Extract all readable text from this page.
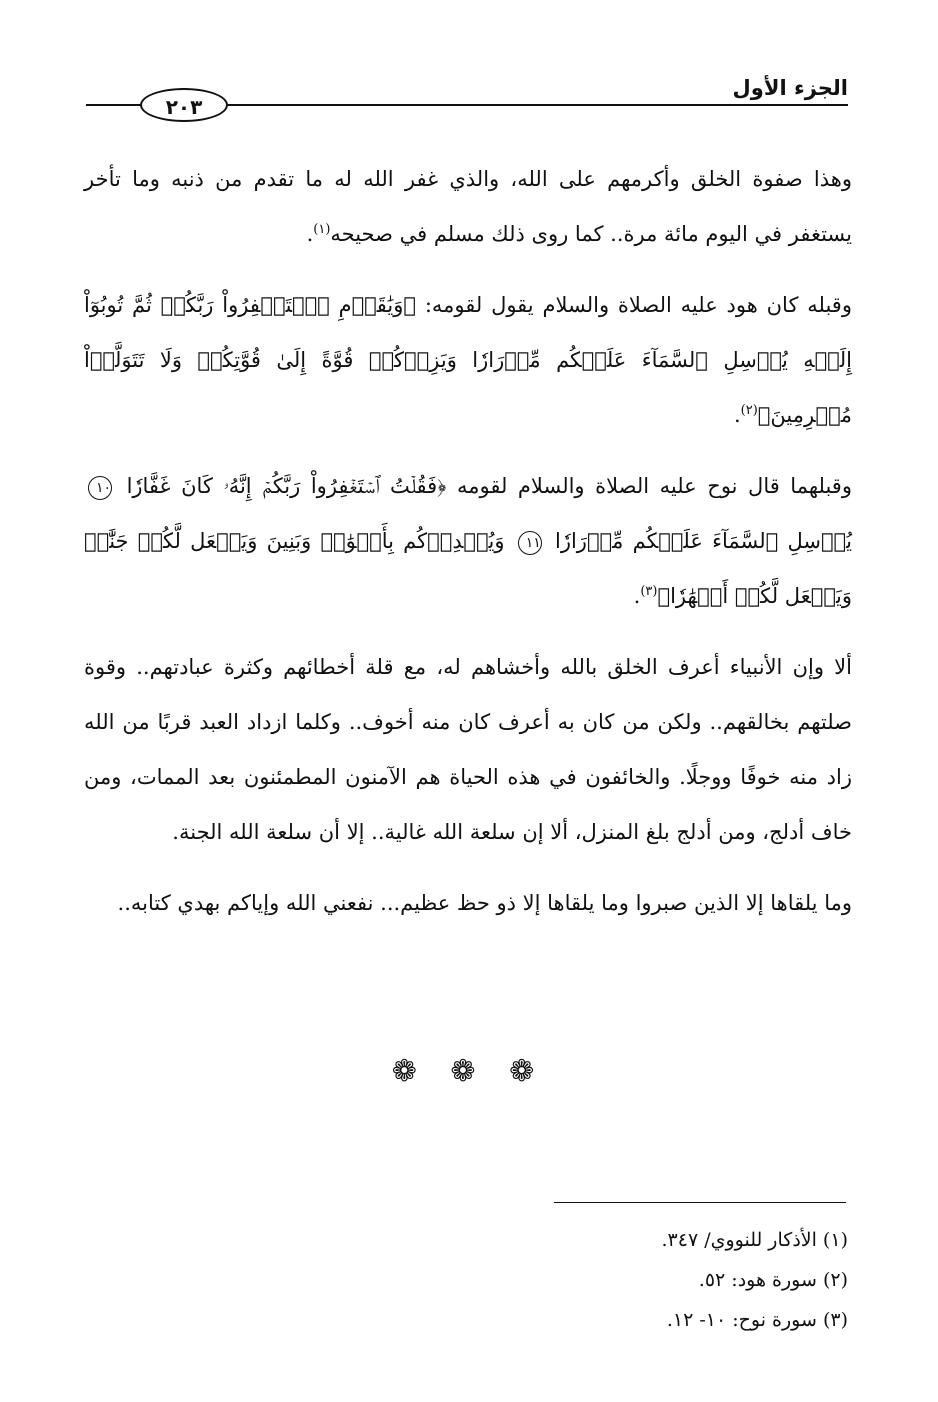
الجزء الأول
٢٠٣

وهذا صفوة الخلق وأكرمهم على الله، والذي غفر الله له ما تقدم من ذنبه وما تأخر يستغفر في اليوم مائة مرة.. كما روى ذلك مسلم في صحيحه$^{(١)}$.

وقبله كان هود عليه الصلاة والسلام يقول لقومه: ﴿وَيَٰقَوۡمِ ٱسۡتَغۡفِرُواْ رَبَّكُمۡ ثُمَّ تُوبُوٓاْ إِلَيۡهِ يُرۡسِلِ ٱلسَّمَآءَ عَلَيۡكُم مِّدۡرَارٗا وَيَزِدۡكُمۡ قُوَّةً إِلَىٰ قُوَّتِكُمۡ وَلَا تَتَوَلَّوۡاْ مُجۡرِمِينَ﴾$^{(٢)}$.

وقبلهما قال نوح عليه الصلاة والسلام لقومه ﴿فَقُلۡتُ ٱسۡتَغۡفِرُواْ رَبَّكُمۡ إِنَّهُۥ كَانَ غَفَّارٗا ١٠ يُرۡسِلِ ٱلسَّمَآءَ عَلَيۡكُم مِّدۡرَارٗا ١١ وَيُمۡدِدۡكُم بِأَمۡوَٰلٖ وَبَنِينَ وَيَجۡعَل لَّكُمۡ جَنَّٰتٖ وَيَجۡعَل لَّكُمۡ أَنۡهَٰرٗا﴾$^{(٣)}$.

ألا وإن الأنبياء أعرف الخلق بالله وأخشاهم له، مع قلة أخطائهم وكثرة عبادتهم.. وقوة صلتهم بخالقهم.. ولكن من كان به أعرف كان منه أخوف.. وكلما ازداد العبد قربًا من الله زاد منه خوفًا ووجلًا. والخائفون في هذه الحياة هم الآمنون المطمئنون بعد الممات، ومن خاف أدلج، ومن أدلج بلغ المنزل، ألا إن سلعة الله غالية.. إلا أن سلعة الله الجنة.

وما يلقاها إلا الذين صبروا وما يلقاها إلا ذو حظ عظيم... نفعني الله وإياكم بهدي كتابه..

❁ ❁ ❁
(١) الأذكار للنووي/ ٣٤٧.
(٢) سورة هود: ٥٢.
(٣) سورة نوح: ١٠- ١٢.
